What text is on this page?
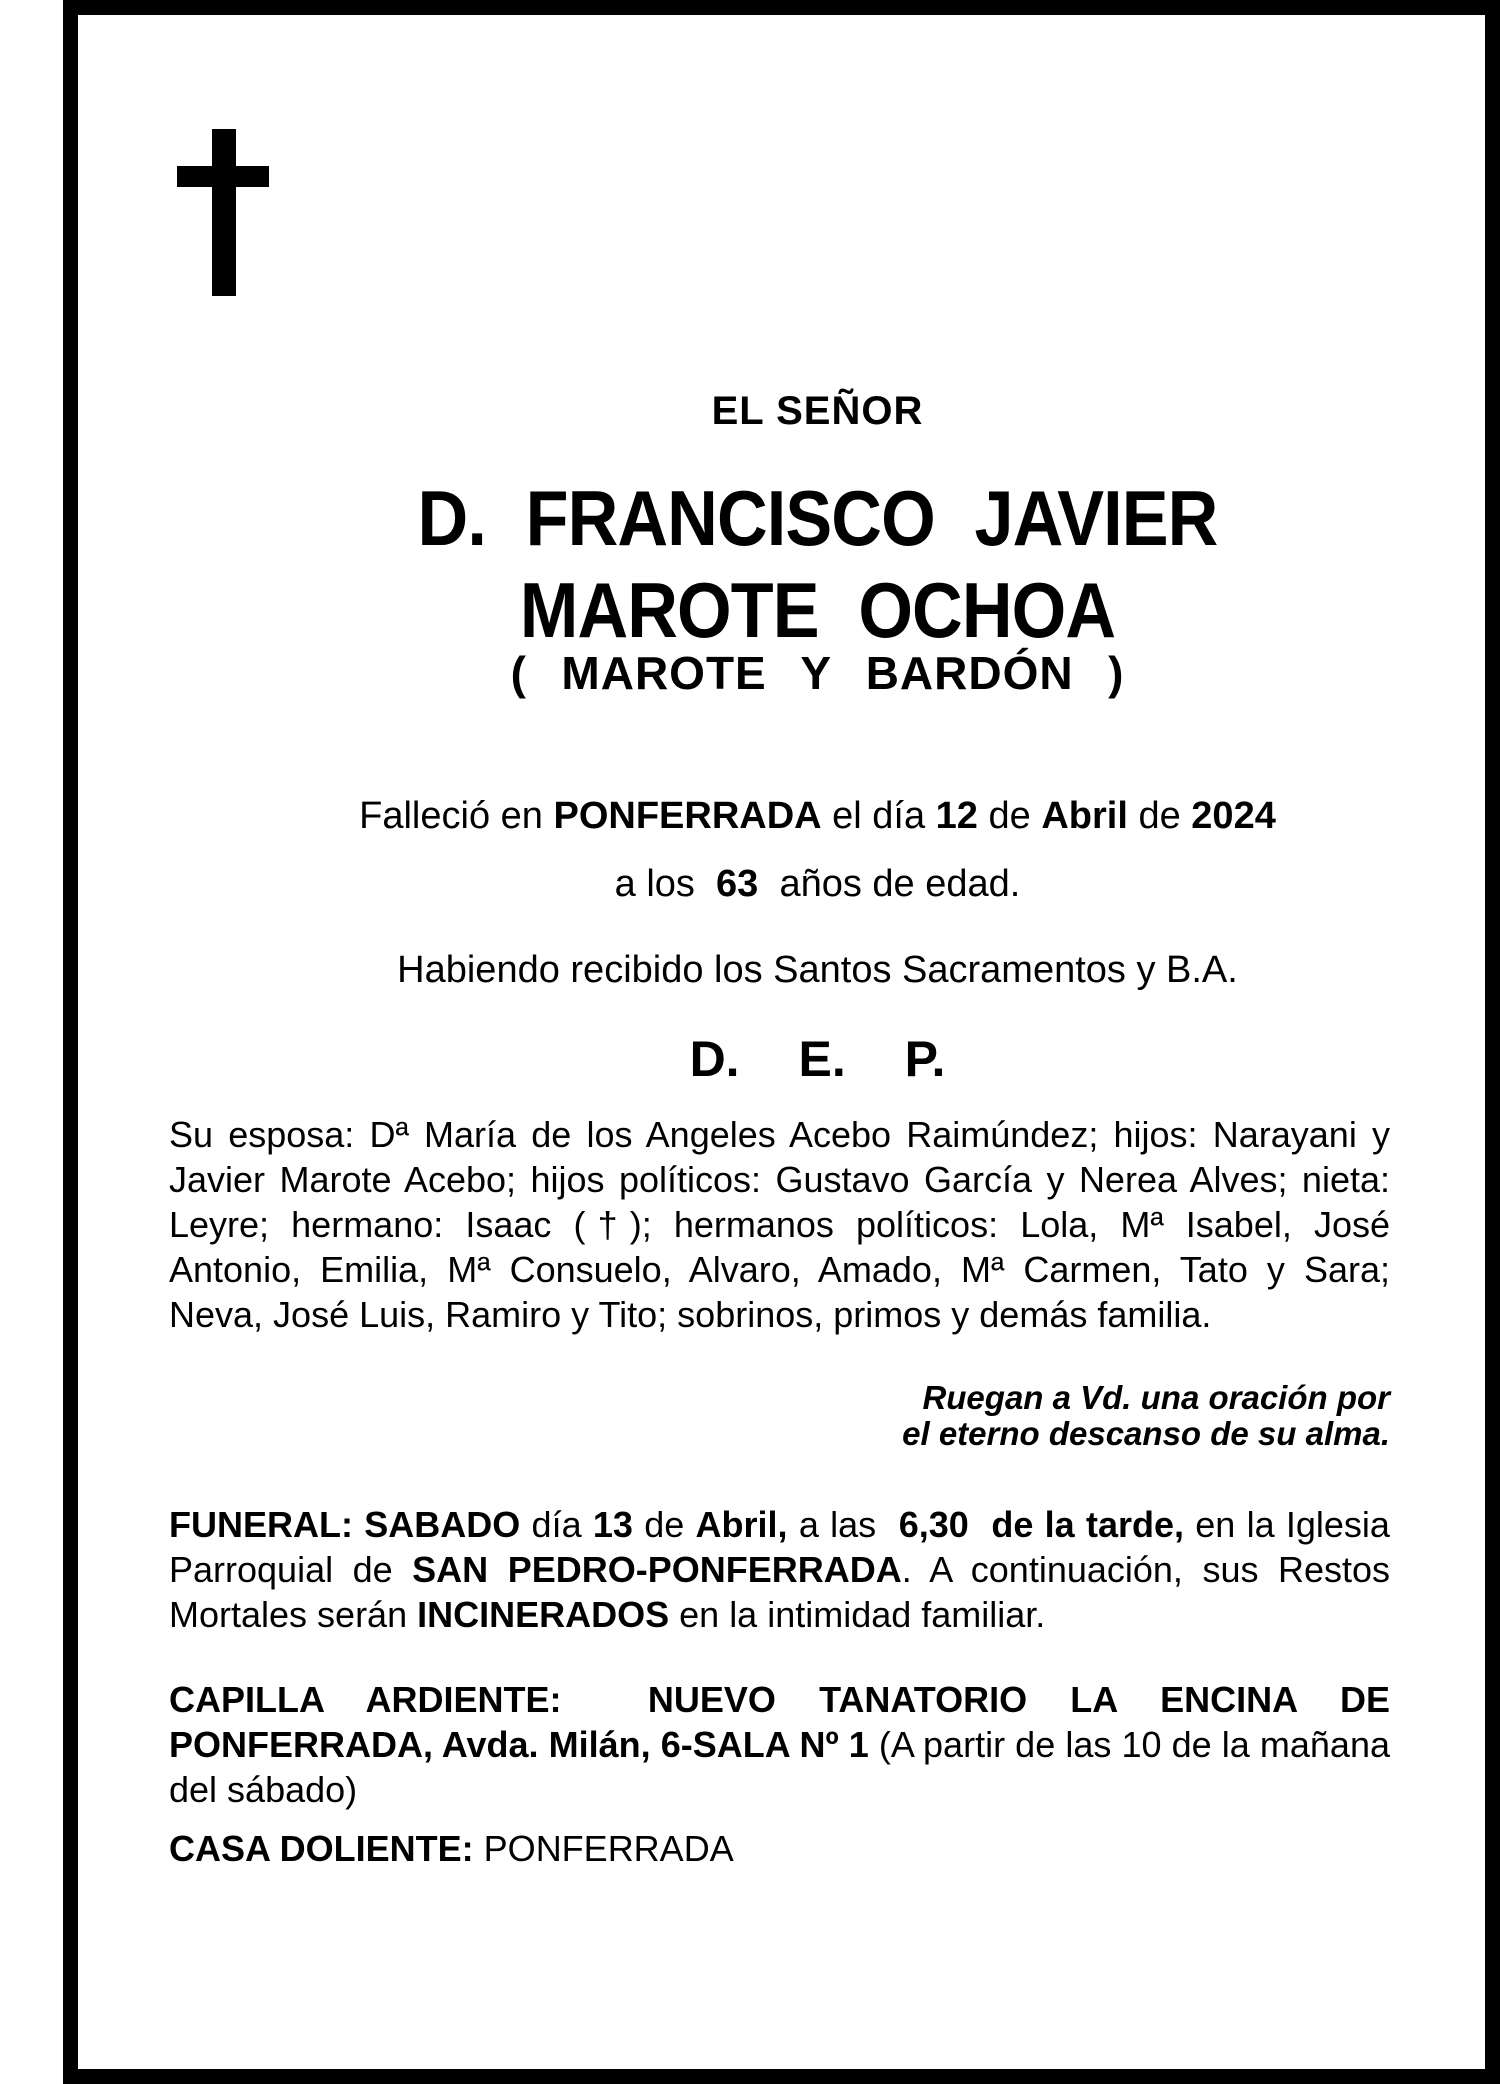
EL SEÑOR
D. FRANCISCO JAVIER
MAROTE OCHOA
( MAROTE Y BARDÓN )
Falleció en PONFERRADA el día 12 de Abril de 2024
a los  63  años de edad.
Habiendo recibido los Santos Sacramentos y B.A.
D. E. P.
Su esposa: Dª María de los Angeles Acebo Raimúndez; hijos: Narayani y Javier Marote Acebo; hijos políticos: Gustavo García y Nerea Alves; nieta: Leyre; hermano: Isaac (†); hermanos políticos: Lola, Mª Isabel, José Antonio, Emilia, Mª Consuelo, Alvaro, Amado, Mª Carmen, Tato y Sara; Neva, José Luis, Ramiro y Tito; sobrinos, primos y demás familia.
Ruegan a Vd. una oración por
el eterno descanso de su alma.
FUNERAL: SABADO día 13 de Abril, a las  6,30  de la tarde, en la Iglesia Parroquial de SAN PEDRO-PONFERRADA. A continuación, sus Restos Mortales serán INCINERADOS en la intimidad familiar.
CAPILLA ARDIENTE:  NUEVO TANATORIO LA ENCINA DE PONFERRADA, Avda. Milán, 6-SALA Nº 1 (A partir de las 10 de la mañana del sábado)
CASA DOLIENTE: PONFERRADA
